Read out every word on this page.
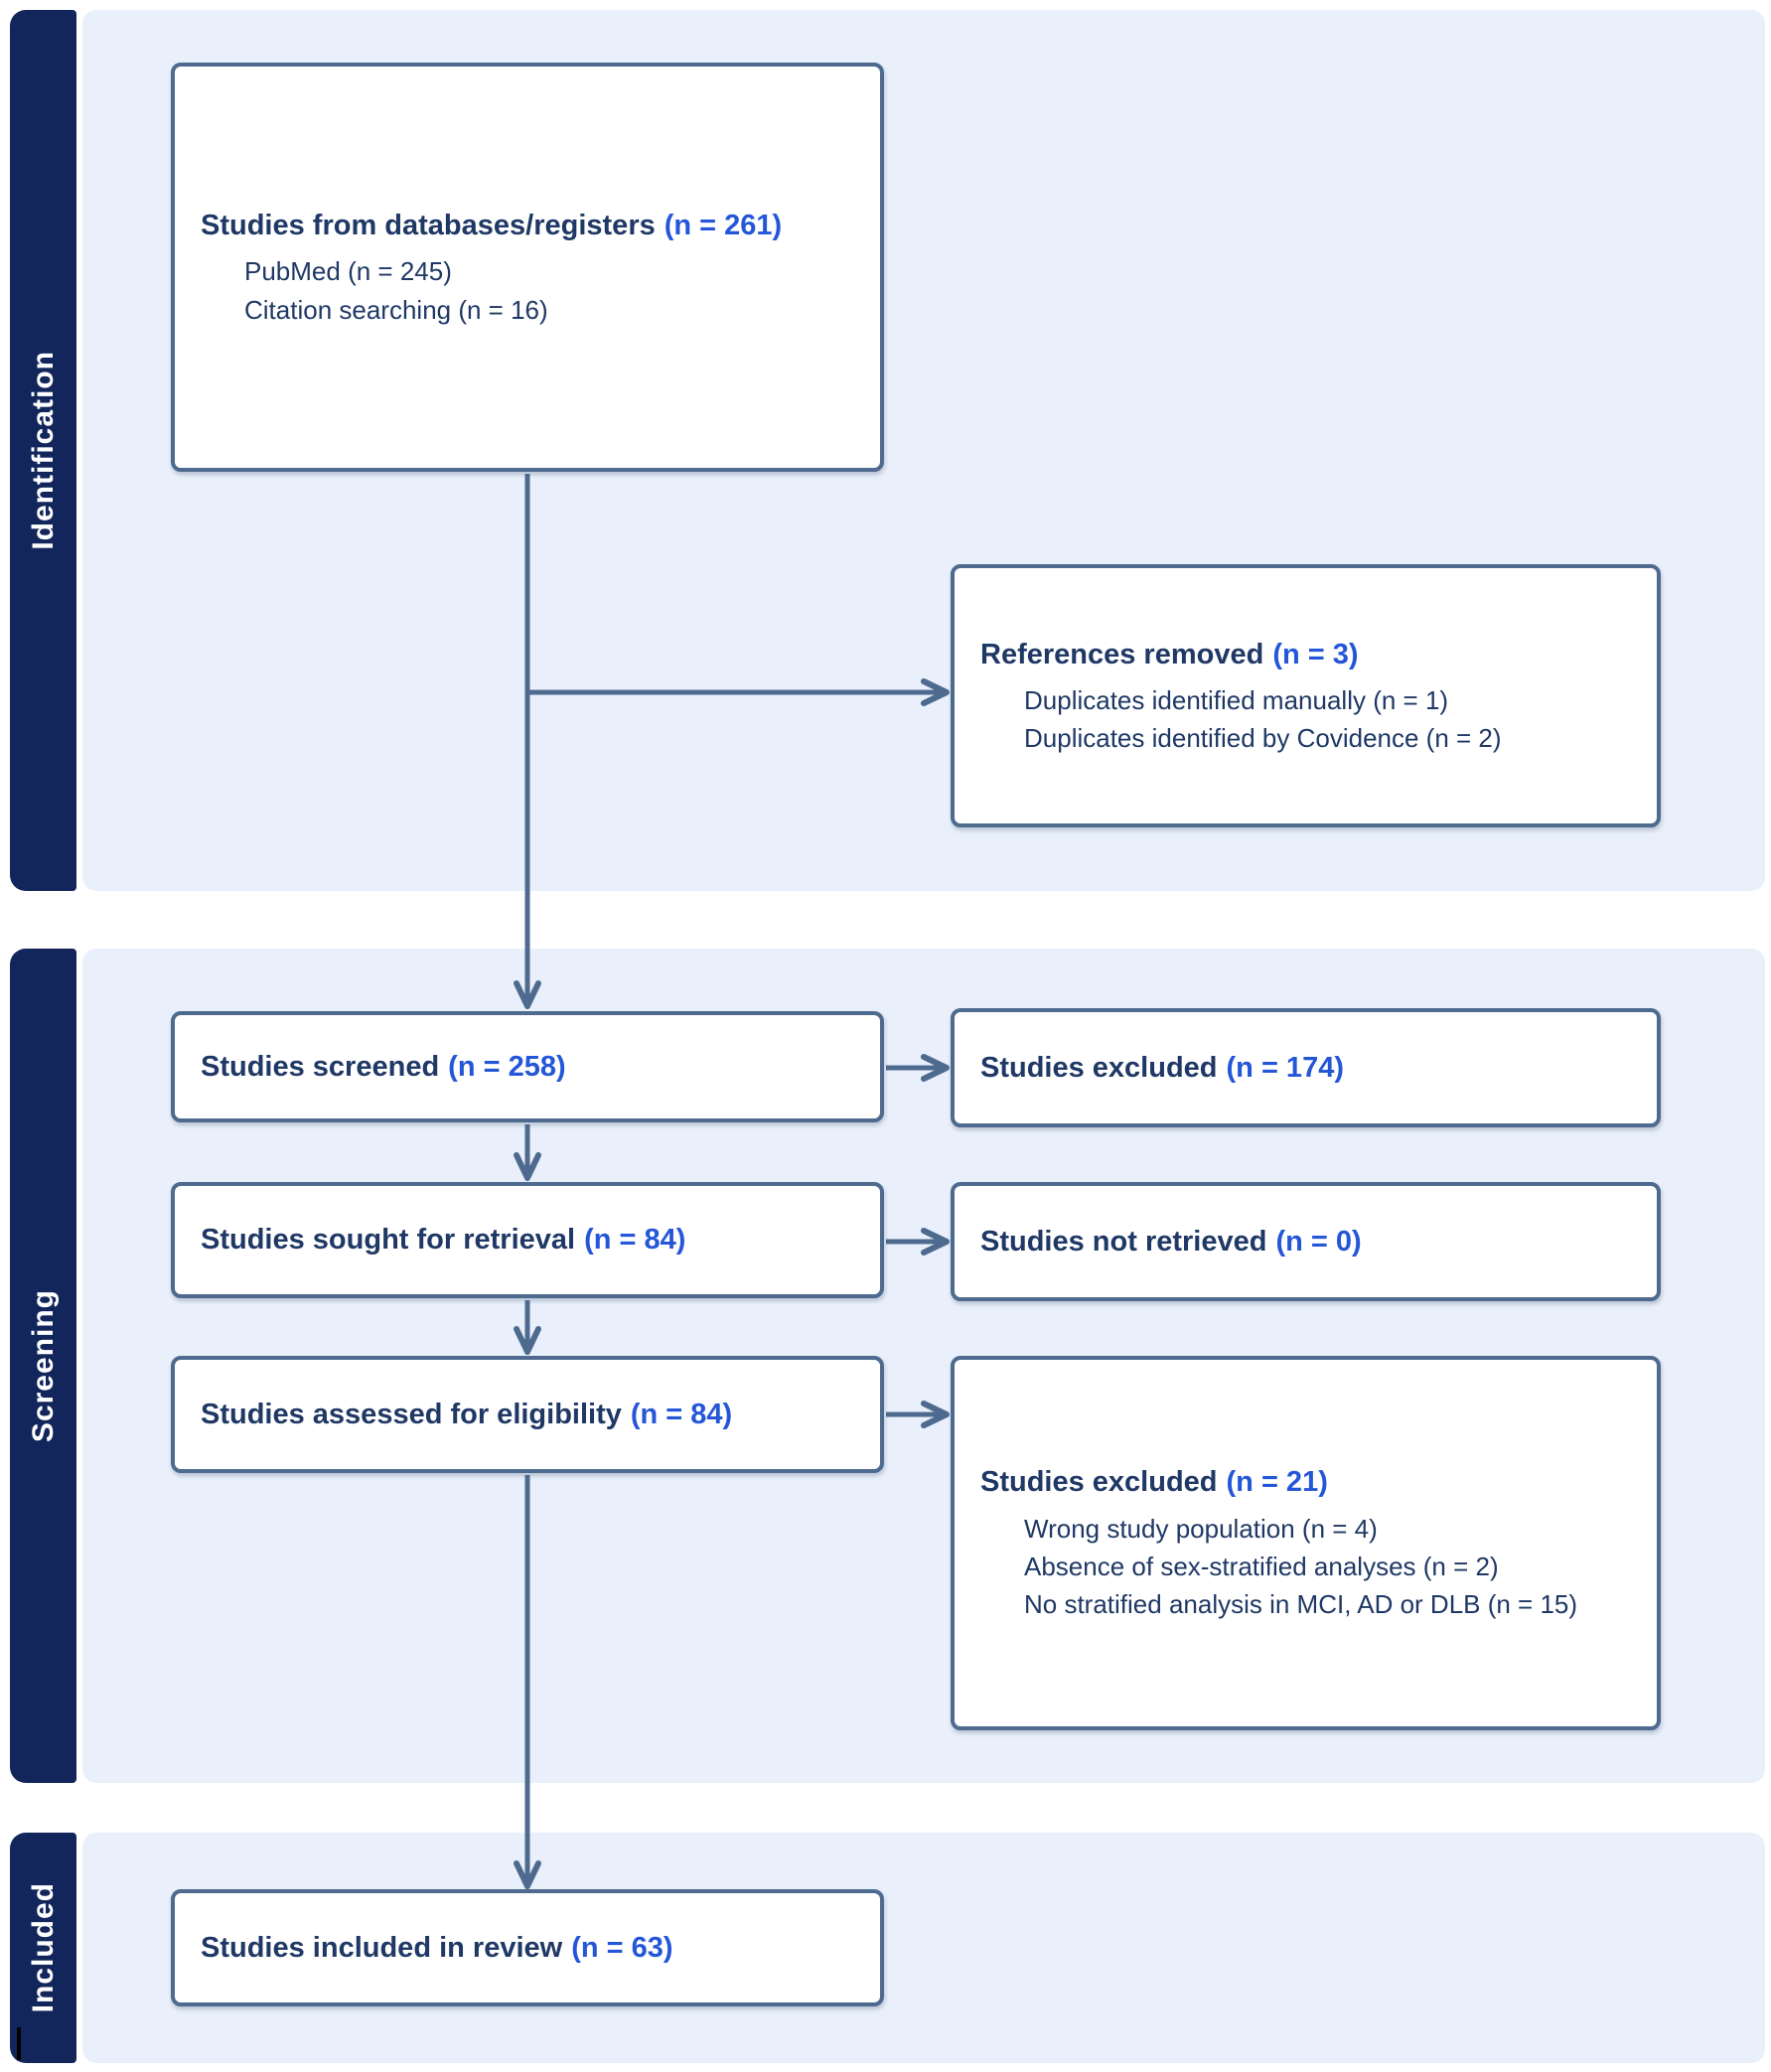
Identification
Screening
Included
Studies from databases/registers (n = 261)
PubMed (n = 245)
Citation searching (n = 16)
Studies screened (n = 258)
Studies sought for retrieval (n = 84)
Studies assessed for eligibility (n = 84)
Studies included in review (n = 63)
References removed (n = 3)
Duplicates identified manually (n = 1)
Duplicates identified by Covidence (n = 2)
Studies excluded (n = 174)
Studies not retrieved (n = 0)
Studies excluded (n = 21)
Wrong study population (n = 4)
Absence of sex-stratified analyses (n = 2)
No stratified analysis in MCI, AD or DLB (n = 15)
